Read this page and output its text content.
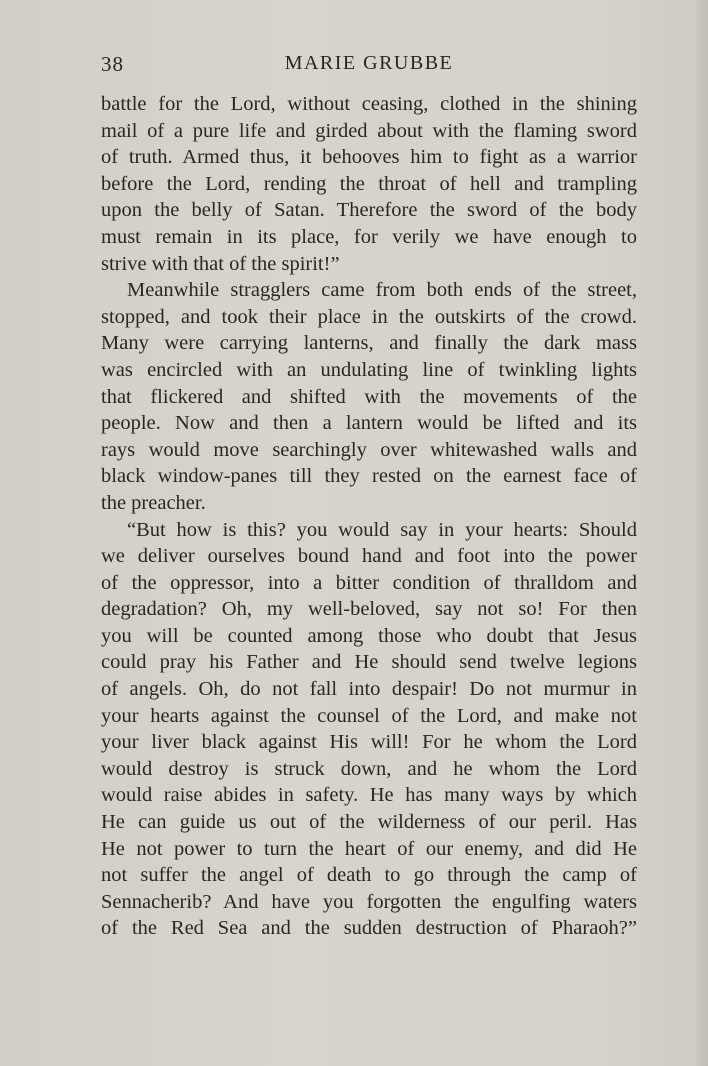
38	MARIE GRUBBE
battle for the Lord, without ceasing, clothed in the shining
mail of a pure life and girded about with the flaming sword
of truth. Armed thus, it behooves him to fight as a warrior
before the Lord, rending the throat of hell and trampling
upon the belly of Satan. Therefore the sword of the body
must remain in its place, for verily we have enough to
strive with that of the spirit!”
Meanwhile stragglers came from both ends of the street,
stopped, and took their place in the outskirts of the crowd.
Many were carrying lanterns, and finally the dark mass
was encircled with an undulating line of twinkling lights
that flickered and shifted with the movements of the
people. Now and then a lantern would be lifted and its
rays would move searchingly over whitewashed walls and
black window-panes till they rested on the earnest face of
the preacher.
“But how is this? you would say in your hearts: Should
we deliver ourselves bound hand and foot into the power
of the oppressor, into a bitter condition of thralldom and
degradation? Oh, my well-beloved, say not so! For then
you will be counted among those who doubt that Jesus
could pray his Father and He should send twelve legions
of angels. Oh, do not fall into despair! Do not murmur in
your hearts against the counsel of the Lord, and make not
your liver black against His will! For he whom the Lord
would destroy is struck down, and he whom the Lord
would raise abides in safety. He has many ways by which
He can guide us out of the wilderness of our peril. Has
He not power to turn the heart of our enemy, and did He
not suffer the angel of death to go through the camp of
Sennacherib? And have you forgotten the engulfing waters
of the Red Sea and the sudden destruction of Pharaoh?”
